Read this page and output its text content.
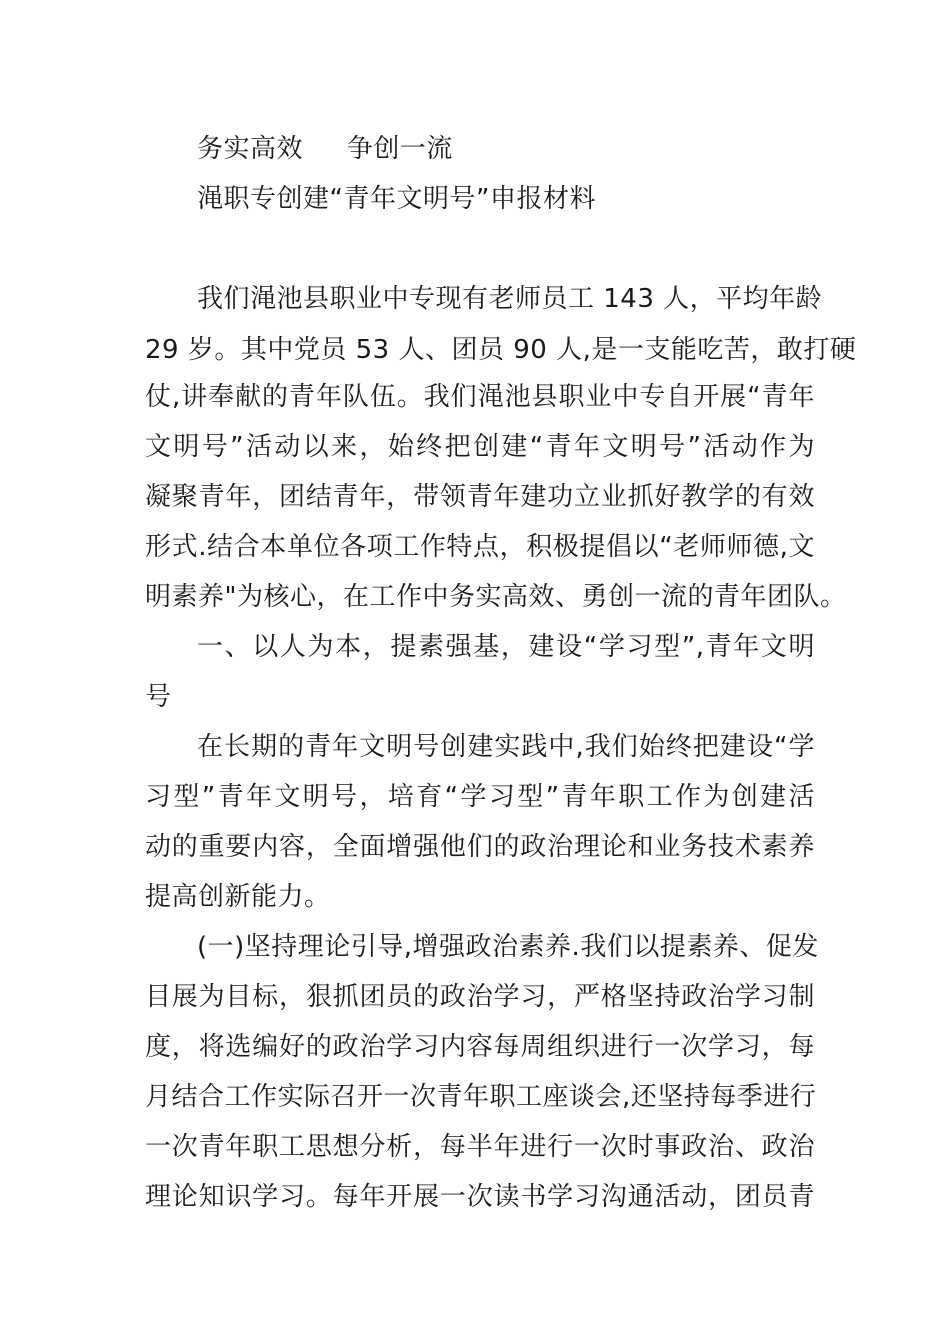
务实高效     争创一流
渑职专创建“青年文明号”申报材料
我们渑池县职业中专现有老师员工 143 人，平均年龄
29 岁。其中党员 53 人、团员 90 人,是一支能吃苦，敢打硬
仗,讲奉献的青年队伍。我们渑池县职业中专自开展“青年
文明号”活动以来，始终把创建“青年文明号”活动作为
凝聚青年，团结青年，带领青年建功立业抓好教学的有效
形式.结合本单位各项工作特点，积极提倡以“老师师德,文
明素养"为核心，在工作中务实高效、勇创一流的青年团队。
一、以人为本，提素强基，建设“学习型”,青年文明
号
在长期的青年文明号创建实践中,我们始终把建设“学
习型”青年文明号，培育“学习型”青年职工作为创建活
动的重要内容，全面增强他们的政治理论和业务技术素养
提高创新能力。
(一)坚持理论引导,增强政治素养.我们以提素养、促发
目展为目标，狠抓团员的政治学习，严格坚持政治学习制
度，将选编好的政治学习内容每周组织进行一次学习，每
月结合工作实际召开一次青年职工座谈会,还坚持每季进行
一次青年职工思想分析，每半年进行一次时事政治、政治
理论知识学习。每年开展一次读书学习沟通活动，团员青
